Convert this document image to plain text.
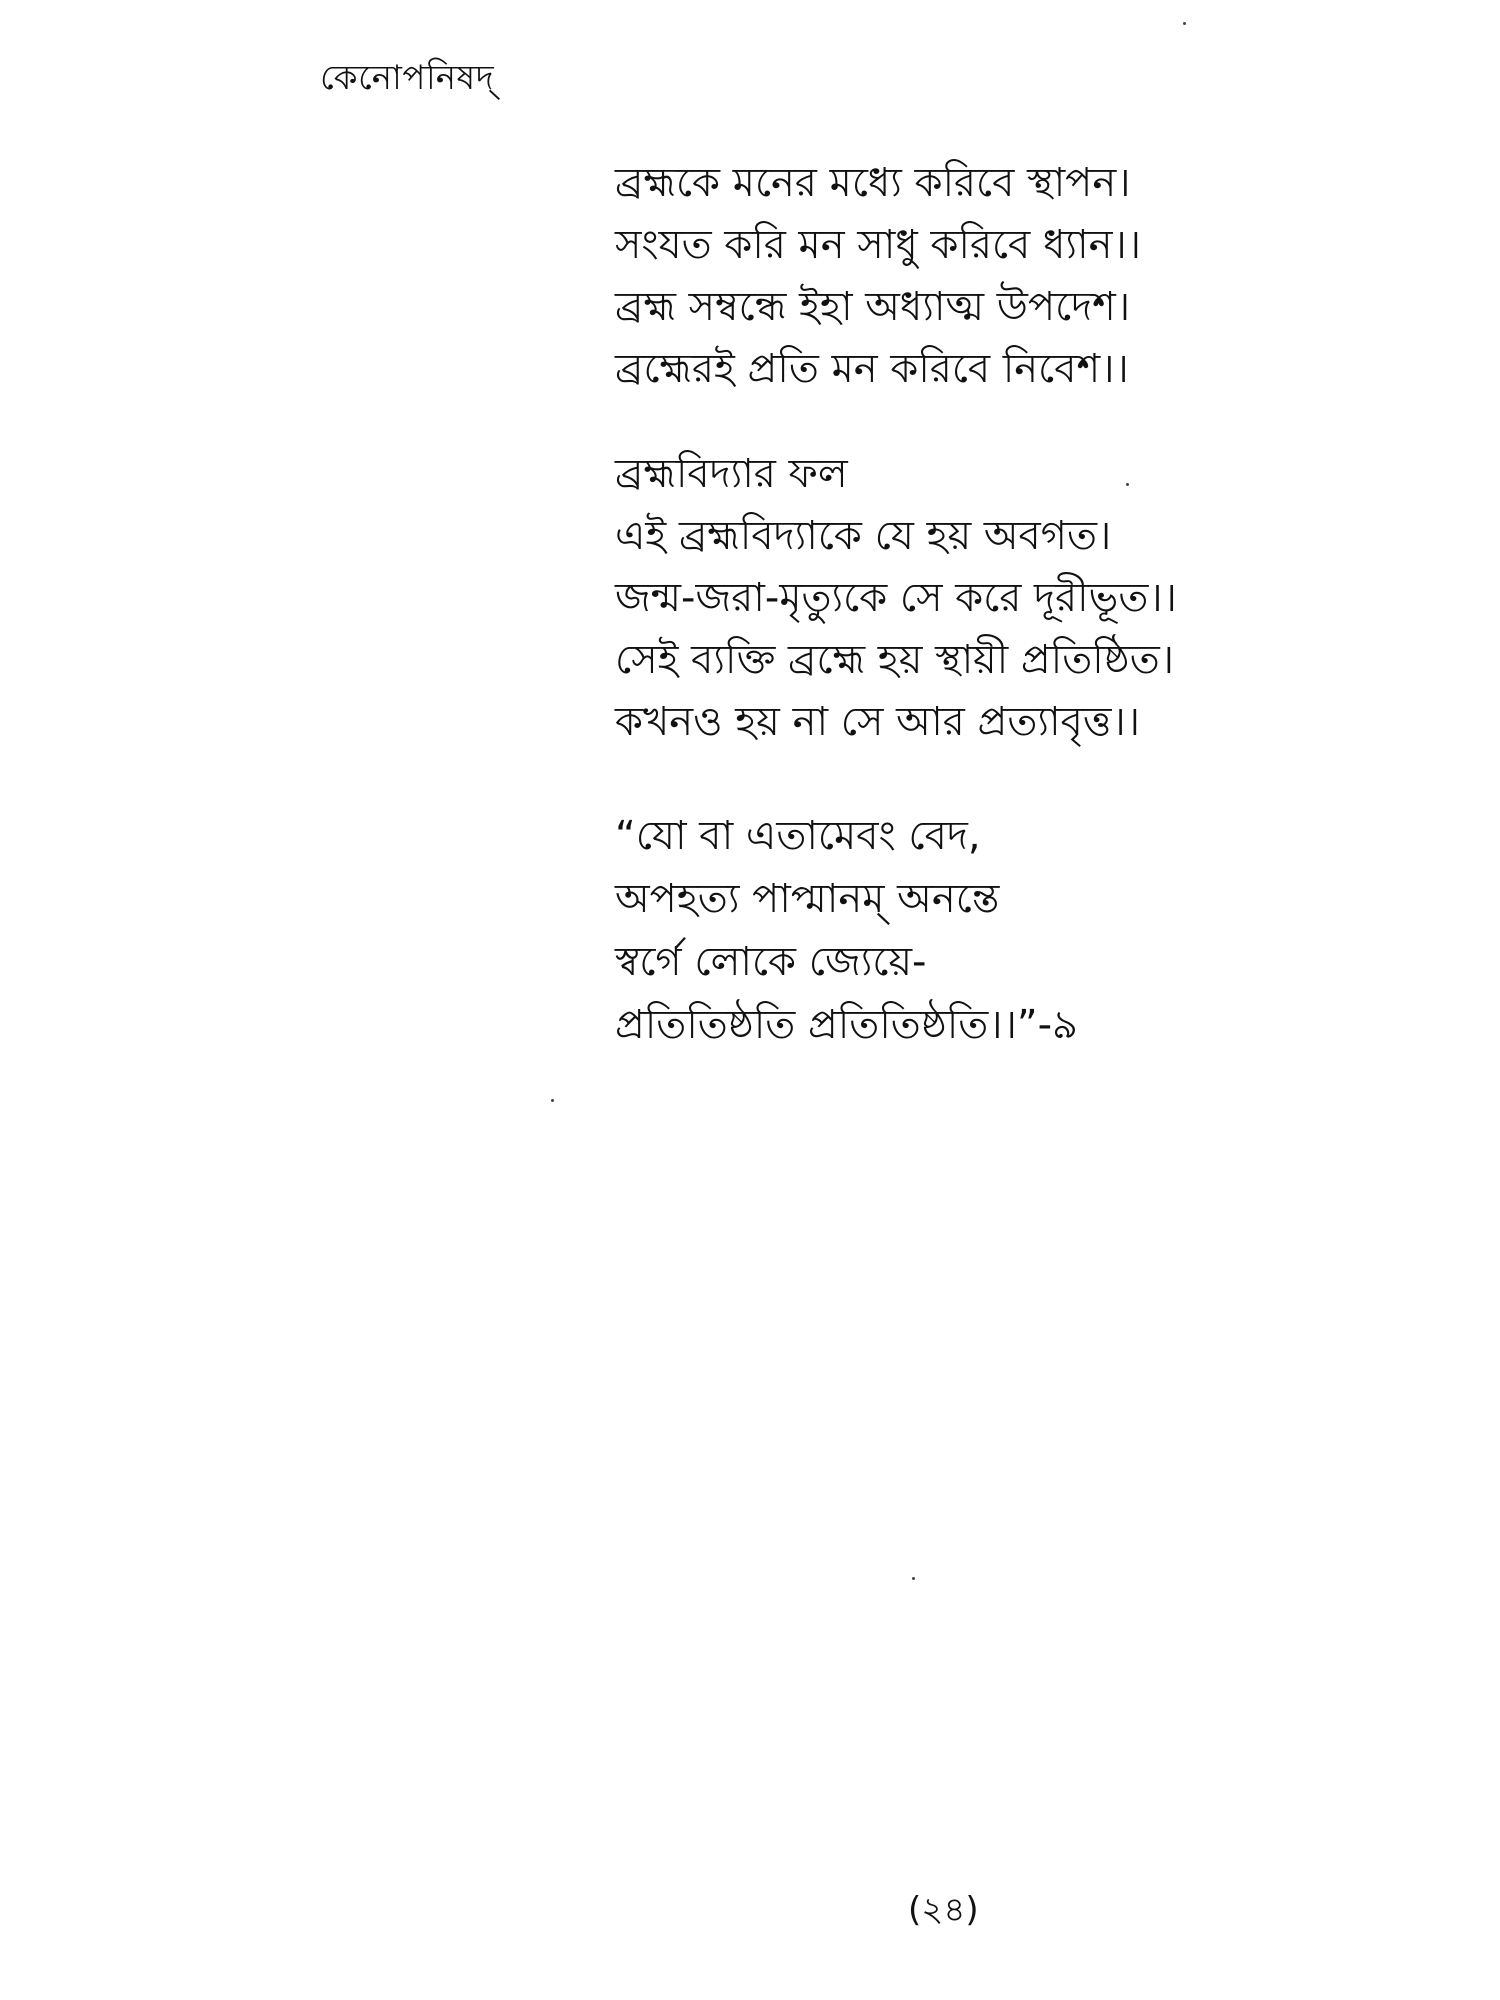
কেনোপনিষদ্
ব্রহ্মকে মনের মধ্যে করিবে স্থাপন।
সংযত করি মন সাধু করিবে ধ্যান।।
ব্রহ্ম সম্বন্ধে ইহা অধ্যাত্ম উপদেশ।
ব্রহ্মেরই প্রতি মন করিবে নিবেশ।।
ব্রহ্মবিদ্যার ফল
এই ব্রহ্মবিদ্যাকে যে হয় অবগত।
জন্ম-জরা-মৃত্যুকে সে করে দূরীভূত।।
সেই ব্যক্তি ব্রহ্মে হয় স্থায়ী প্রতিষ্ঠিত।
কখনও হয় না সে আর প্রত্যাবৃত্ত।।
“যো বা এতামেবং বেদ,
অপহত্য পাপ্মানম্ অনন্তে
স্বর্গে লোকে জ্যেয়ে-
প্রতিতিষ্ঠতি প্রতিতিষ্ঠতি।।”-৯
(২৪)
